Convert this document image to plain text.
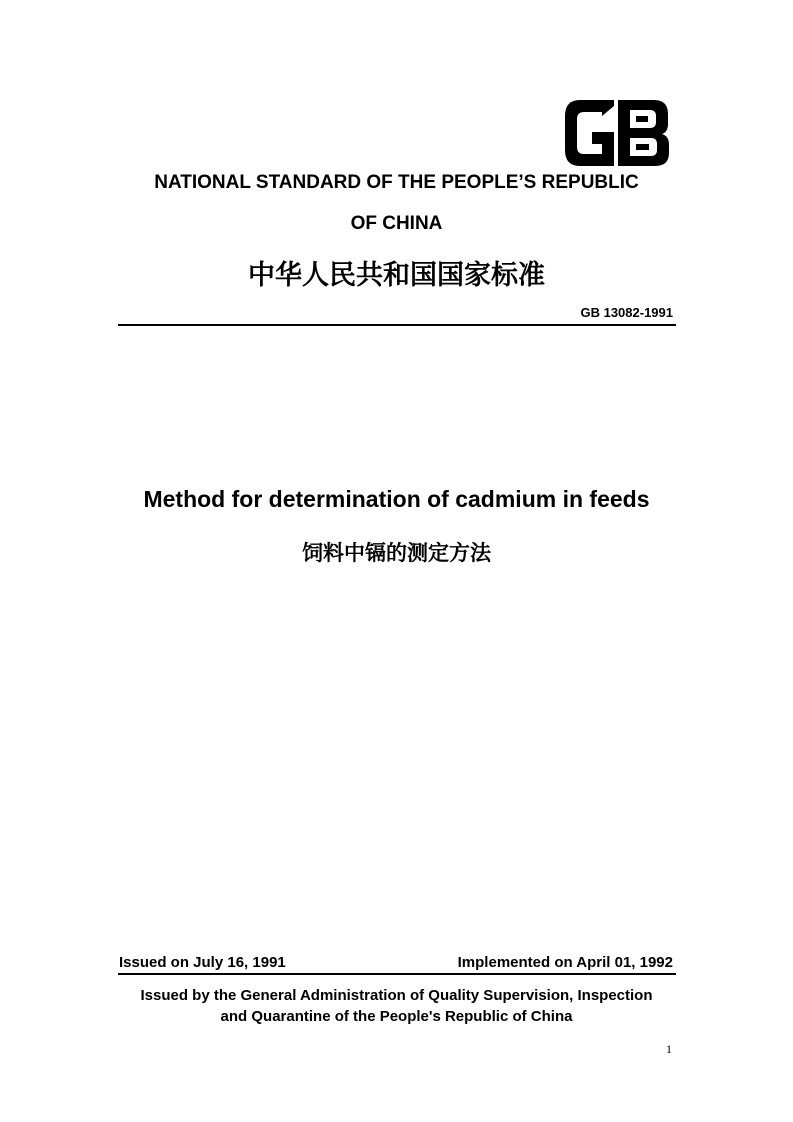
NATIONAL STANDARD OF THE PEOPLE’S REPUBLIC
OF CHINA
中华人民共和国国家标准
GB 13082-1991
Method for determination of cadmium in feeds
饲料中镉的测定方法
Issued on July 16, 1991	Implemented on April 01, 1992
Issued by the General Administration of Quality Supervision, Inspection
and Quarantine of the People's Republic of China
1
